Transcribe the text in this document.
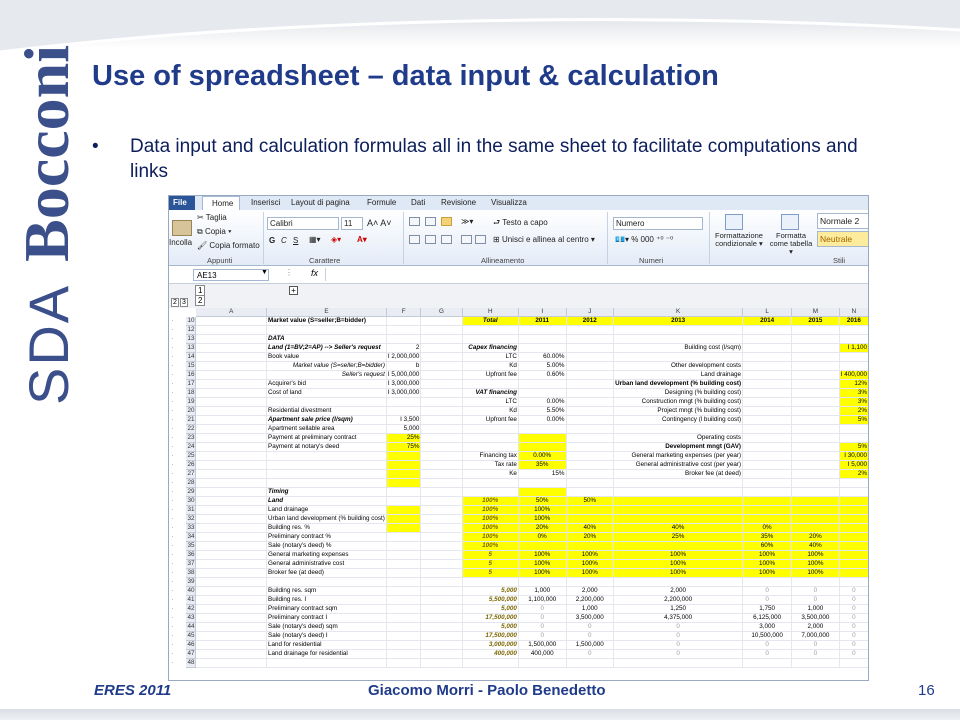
SDABocconi Use of spreadsheet – data input & calculation
• Data input and calculation formulas all in the same sheet to facilitate computations and links
File	Home	Inserisci Layout di pagina Formule Dati Revisione Visualizza
Incolla
✂ Taglia
⧉ Copia ▾
🖌 Copia formato
Appunti
Calibri	11	A˄ A˅
G C S ▦▾ ◈▾ A▾
Carattere
≫▾ ⮐ Testo a capo
⊞ Unisci e allinea al centro ▾
Allineamento
Numero
💶▾ % 000 ⁺⁰ ⁻⁰
Numeri
Formattazione condizionale ▾
Formatta come tabella ▾
Normale 2
Neutrale
Stili
AE13	▼ ⋮ fx
1
2
+
2 3
			A	E	F	G	H	I	J	K	L	M	N
·		10		Market value (S=seller;B=bidder)			Total	2011	2012	2013	2014	2015	2016
·		12											
·		13		DATA									
·		13		Land (1=BV;2=AP) --> Seller's request	2		Capex financing			Building cost (l/sqm)			I 1,100
·		14		Book value	I 2,000,000		LTC	60.00%					
·		15		Market value (S=seller;B=bidder)	b		Kd	5.00%		Other development costs			
·		16		Seller's request	I 5,000,000		Upfront fee	0.60%		Land drainage			I 400,000
·		17		Acquirer's bid	I 3,000,000					Urban land development (% building cost)			12%
·		18		Cost of land	I 3,000,000		VAT financing			Designing (% building cost)			3%
·		19					LTC	0.00%		Construction mngt (% building cost)			3%
·		20		Residential divestment			Kd	5.50%		Project mngt (% building cost)			2%
·		21		Apartment sale price (l/sqm)	I 3,500		Upfront fee	0.00%		Contingency (l building cost)			5%
·		22		Apartment sellable area	5,000								
·		23		Payment at preliminary contract	25%					Operating costs			
·		24		Payment at notary's deed	75%					Development mngt (GAV)			5%
·		25					Financing tax	0.00%		General marketing expenses (per year)			I 30,000
·		26					Tax rate	35%		General administrative cost (per year)			I 5,000
·		27					Ke	15%		Broker fee (at deed)			2%
·		28											
·		29		Timing									
·		30		Land			100%	50%	50%				
·		31		Land drainage			100%	100%					
·		32		Urban land development (% building cost)			100%	100%					
·		33		Building res. %			100%	20%	40%	40%	0%		
·		34		Preliminary contract %			100%	0%	20%	25%	35%	20%	
·		35		Sale (notary's deed) %			100%				60%	40%	
·		36		General marketing expenses			5	100%	100%	100%	100%	100%	
·		37		General administrative cost			5	100%	100%	100%	100%	100%	
·		38		Broker fee (at deed)			5	100%	100%	100%	100%	100%	
·		39											
·		40		Building res. sqm			5,000	1,000	2,000	2,000	0	0	0
·		41		Building res. I			5,500,000	1,100,000	2,200,000	2,200,000	0	0	0
·		42		Preliminary contract sqm			5,000	0	1,000	1,250	1,750	1,000	0
·		43		Preliminary contract I			17,500,000	0	3,500,000	4,375,000	6,125,000	3,500,000	0
·		44		Sale (notary's deed) sqm			5,000	0	0	0	3,000	2,000	0
·		45		Sale (notary's deed) I			17,500,000	0	0	0	10,500,000	7,000,000	0
·		46		Land for residential			3,000,000	1,500,000	1,500,000	0	0	0	0
·		47		Land drainage for residential			400,000	400,000	0	0	0	0	0
·		48											
ERES 2011	Giacomo Morri - Paolo Benedetto	16
